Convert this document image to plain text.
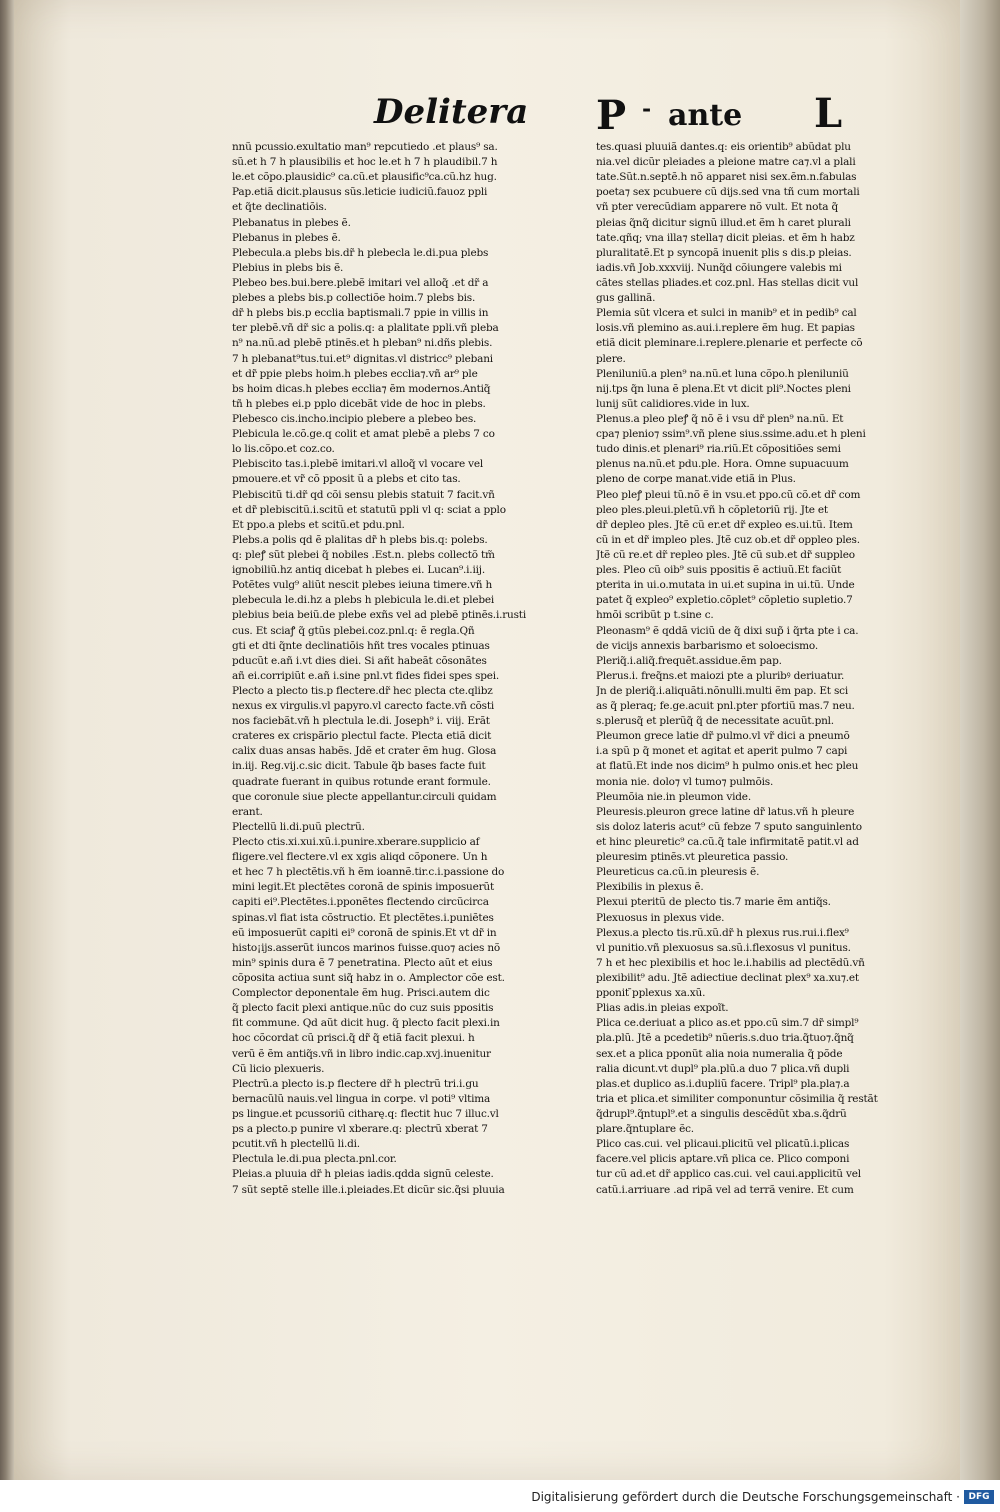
Delitera P - ante L
nnũ pcussio.exultatio man⁹ repcutiedo .et plaus⁹ sa.
sũ.et h 7 h plausibilis et hoc le.et h 7 h plaudibil.7 h
le.et cõpo.plausidic⁹ ca.cũ.et plausific⁹ca.cũ.hz hug.
Pap.etiã dicit.plausus sũs.leticie iudiciũ.fauoz ppli
et q̃te declinatiõis.
Plebanatus in plebes ẽ.
Plebanus in plebes ẽ.
Plebecula.a plebs bis.dr̃ h plebecla le.di.pua plebs
Plebius in plebs bis ẽ.
Plebeo bes.bui.bere.plebẽ imitari vel alloq̃ .et dr̃ a
plebes a plebs bis.p collectiõe hoim.7 plebs bis.
dr̃ h plebs bis.p ecclia baptismali.7 ppie in villis in
ter plebẽ.vñ dr̃ sic a polis.q: a plalitate ppli.vñ pleba
n⁹ na.nũ.ad plebẽ ptinẽs.et h pleban⁹ ni.dñs plebis.
7 h plebanat⁹tus.tui.et⁹ dignitas.vl districc⁹ plebani
et dr̃ ppie plebs hoim.h plebes ecclia⁊.vñ ar⁹ ple
bs hoim dicas.h plebes ecclia⁊ ẽm modernos.Antiq̃
tñ h plebes ei.p pplo dicebãt vide de hoc in plebs.
Plebesco cis.incho.incipio plebere a plebeo bes.
Plebicula le.cõ.ge.q colit et amat plebẽ a plebs 7 co
lo lis.cõpo.et coz.co.
Plebiscito tas.i.plebẽ imitari.vl alloq̃ vl vocare vel
pmouere.et vr̃ cõ pposit ũ a plebs et cito tas.
Plebiscitũ ti.dr̃ qd cõi sensu plebis statuit 7 facit.vñ
et dr̃ plebiscitũ.i.scitũ et statutũ ppli vl q: sciat a pplo
Et ppo.a plebs et scitũ.et pdu.pnl.
Plebs.a polis qd ẽ plalitas dr̃ h plebs bis.q: polebs.
q: pleꝭ sũt plebei q̃ nobiles .Est.n. plebs collectõ tm̃
ignobiliũ.hz antiq dicebat h plebes ei. Lucan⁹.i.iij.
Potẽtes vulg⁹ aliũt nescit plebes ieiuna timere.vñ h
plebecula le.di.hz a plebs h plebicula le.di.et plebei
plebius beia beiũ.de plebe exñs vel ad plebẽ ptinẽs.i.rusti
cus. Et sciaꝭ q̃ gtũs plebei.coz.pnl.q: ẽ regla.Qñ
gti et dti q̃nte declinatiõis hñt tres vocales ptinuas
pducũt e.añ i.vt dies diei. Si añt habeãt cõsonãtes
añ ei.corripiũt e.añ i.sine pnl.vt fides fidei spes spei.
Plecto a plecto tis.p flectere.dr̃ hec plecta cte.qlibz
nexus ex virgulis.vl papyro.vl carecto facte.vñ cõsti
nos faciebãt.vñ h plectula le.di. Joseph⁹ i. viij. Erãt
crateres ex crispãrio plectul facte. Plecta etiã dicit
calix duas ansas habẽs. Jdẽ et crater ẽm hug. Glosa
in.iij. Reg.vij.c.sic dicit. Tabule q̃b bases facte fuit
quadrate fuerant in quibus rotunde erant formule.
que coronule siue plecte appellantur.circuli quidam
erant.
Plectellũ li.di.puũ plectrũ.
Plecto ctis.xi.xui.xũ.i.punire.xberare.supplicio af
fligere.vel flectere.vl ex xgis aliqd cõponere. Un h
et hec 7 h plectẽtis.vñ h ẽm ioannẽ.tir.c.i.passione do
mini legit.Et plectẽtes coronã de spinis imposuerũt
capiti ei⁹.Plectẽtes.i.pponẽtes flectendo circũcirca
spinas.vl fiat ista cõstructio. Et plectẽtes.i.puniẽtes
eũ imposuerũt capiti ei⁹ coronã de spinis.Et vt dr̃ in
histo¡ijs.asserũt iuncos marinos fuisse.quo⁊ acies nõ
min⁹ spinis dura ẽ 7 penetratina. Plecto aũt et eius
cõposita actiua sunt siq̃ habz in o. Amplector cõe est.
Complector deponentale ẽm hug. Prisci.autem dic
q̃ plecto facit plexi antique.nũc do cuz suis ppositis
fit commune. Qd aũt dicit hug. q̃ plecto facit plexi.in
hoc cõcordat cũ prisci.q̃ dr̃ q̃ etiã facit plexui. h
verũ ẽ ẽm antiq̃s.vñ in libro indic.cap.xvj.inuenitur
Cũ licio plexueris.
Plectrũ.a plecto is.p flectere dr̃ h plectrũ tri.i.gu
bernacũlũ nauis.vel lingua in corpe. vl poti⁹ vltima
ps lingue.et pcussoriũ citharę.q: flectit huc 7 illuc.vl
ps a plecto.p punire vl xberare.q: plectrũ xberat 7
pcutit.vñ h plectellũ li.di.
Plectula le.di.pua plecta.pnl.cor.
Pleias.a pluuia dr̃ h pleias iadis.qdda signũ celeste.
7 sũt septẽ stelle ille.i.pleiades.Et dicũr sic.q̃si pluuia
tes.quasi pluuiã dantes.q: eis orientib⁹ abũdat plu
nia.vel dicũr pleiades a pleione matre ca⁊.vl a plali
tate.Sũt.n.septẽ.h nõ apparet nisi sex.ẽm.n.fabulas
poeta⁊ sex pcubuere cũ dijs.sed vna tñ cum mortali
vñ pter verecũdiam apparere nõ vult. Et nota q̃
pleias q̃nq̃ dicitur signũ illud.et ẽm h caret plurali
tate.qñq; vna illa⁊ stella⁊ dicit pleias. et ẽm h habz
pluralitatẽ.Et p syncopã inuenit plis s dis.p pleias.
iadis.vñ Job.xxxviij. Nunq̃d cõiungere valebis mi
cãtes stellas pliades.et coz.pnl. Has stellas dicit vul
gus gallinã.
Plemia sũt vlcera et sulci in manib⁹ et in pedib⁹ cal
losis.vñ plemino as.aui.i.replere ẽm hug. Et papias
etiã dicit pleminare.i.replere.plenarie et perfecte cõ
plere.
Pleniluniũ.a plen⁹ na.nũ.et luna cõpo.h pleniluniũ
nij.tps q̃n luna ẽ plena.Et vt dicit pli⁹.Noctes pleni
lunij sũt calidiores.vide in lux.
Plenus.a pleo pleꝭ q̃ nõ ẽ i vsu dr̃ plen⁹ na.nũ. Et
cpa⁊ plenio⁊ ssim⁹.vñ plene sius.ssime.adu.et h pleni
tudo dinis.et plenari⁹ ria.riũ.Et cõpositiões semi
plenus na.nũ.et pdu.ple. Hora. Omne supuacuum
pleno de corpe manat.vide etiã in Plus.
Pleo pleꝭ pleui tũ.nõ ẽ in vsu.et ppo.cũ cõ.et dr̃ com
pleo ples.pleui.pletũ.vñ h cõpletoriũ rij. Jte et
dr̃ depleo ples. Jtẽ cũ er.et dr̃ expleo es.ui.tũ. Item
cũ in et dr̃ impleo ples. Jtẽ cuz ob.et dr̃ oppleo ples.
Jtẽ cũ re.et dr̃ repleo ples. Jtẽ cũ sub.et dr̃ suppleo
ples. Pleo cũ oib⁹ suis ppositis ẽ actiuũ.Et faciũt
pterita in ui.o.mutata in ui.et supina in ui.tũ. Unde
patet q̃ expleo⁹ expletio.cõplet⁹ cõpletio supletio.7
hmõi scribũt p t.sine c.
Pleonasm⁹ ẽ qddã viciũ de q̃ dixi sup̃ i q̃rta pte i ca.
de vicijs annexis barbarismo et soloecismo.
Pleriq̃.i.aliq̃.frequẽt.assidue.ẽm pap.
Plerus.i. freq̃ns.et maiozi pte a pluribꝰ deriuatur.
Jn de pleriq̃.i.aliquãti.nõnulli.multi ẽm pap. Et sci
as q̃ pleraq; fe.ge.acuit pnl.pter pfortiũ mas.7 neu.
s.plerusq̃ et plerũq̃ q̃ de necessitate acuũt.pnl.
Pleumon grece latie dr̃ pulmo.vl vr̃ dici a pneumõ
i.a spũ p q̃ monet et agitat et aperit pulmo 7 capi
at flatũ.Et inde nos dicim⁹ h pulmo onis.et hec pleu
monia nie. dolo⁊ vl tumo⁊ pulmõis.
Pleumõia nie.in pleumon vide.
Pleuresis.pleuron grece latine dr̃ latus.vñ h pleure
sis doloz lateris acut⁹ cũ febze 7 sputo sanguinlento
et hinc pleuretic⁹ ca.cũ.q̃ tale infirmitatẽ patit.vl ad
pleuresim ptinẽs.vt pleuretica passio.
Pleureticus ca.cũ.in pleuresis ẽ.
Plexibilis in plexus ẽ.
Plexui pteritũ de plecto tis.7 marie ẽm antiq̃s.
Plexuosus in plexus vide.
Plexus.a plecto tis.rũ.xũ.dr̃ h plexus rus.rui.i.flex⁹
vl punitio.vñ plexuosus sa.sũ.i.flexosus vl punitus.
7 h et hec plexibilis et hoc le.i.habilis ad plectẽdũ.vñ
plexibilit⁹ adu. Jtẽ adiectiue declinat plex⁹ xa.xu⁊.et
pponit ̄pplexus xa.xũ.
Plias adis.in pleias expoĩt.
Plica ce.deriuat a plico as.et ppo.cũ sim.7 dr̃ simpl⁹
pla.plũ. Jtẽ a pcedetib⁹ nũeris.s.duo tria.q̃tuo⁊.q̃nq̃
sex.et a plica pponũt alia noia numeralia q̃ põde
ralia dicunt.vt dupl⁹ pla.plũ.a duo 7 plica.vñ dupli
plas.et duplico as.i.dupliũ facere. Tripl⁹ pla.pla⁊.a
tria et plica.et similiter componuntur cõsimilia q̃ restãt
q̃drupl⁹.q̃ntupl⁹.et a singulis descẽdũt xba.s.q̃drũ
plare.q̃ntuplare ẽc.
Plico cas.cui. vel plicaui.plicitũ vel plicatũ.i.plicas
facere.vel plicis aptare.vñ plica ce. Plico componi
tur cũ ad.et dr̃ applico cas.cui. vel caui.applicitũ vel
catũ.i.arriuare .ad ripã vel ad terrã venire. Et cum
Digitalisierung gefördert durch die Deutsche Forschungsgemeinschaft · DFG
